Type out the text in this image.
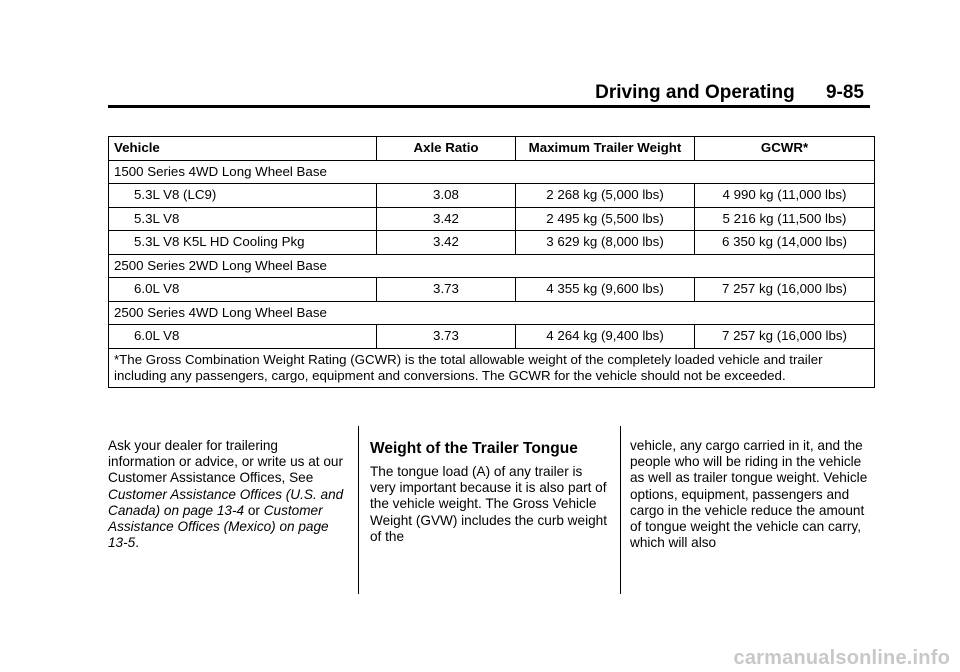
Driving and Operating 9-85
Vehicle	Axle Ratio	Maximum Trailer Weight	GCWR*
1500 Series 4WD Long Wheel Base			
5.3L V8 (LC9)	3.08	2 268 kg (5,000 lbs)	4 990 kg (11,000 lbs)
5.3L V8	3.42	2 495 kg (5,500 lbs)	5 216 kg (11,500 lbs)
5.3L V8 K5L HD Cooling Pkg	3.42	3 629 kg (8,000 lbs)	6 350 kg (14,000 lbs)
2500 Series 2WD Long Wheel Base			
6.0L V8	3.73	4 355 kg (9,600 lbs)	7 257 kg (16,000 lbs)
2500 Series 4WD Long Wheel Base			
6.0L V8	3.73	4 264 kg (9,400 lbs)	7 257 kg (16,000 lbs)
*The Gross Combination Weight Rating (GCWR) is the total allowable weight of the completely loaded vehicle and trailer including any passengers, cargo, equipment and conversions. The GCWR for the vehicle should not be exceeded.			

Ask your dealer for trailering information or advice, or write us at our Customer Assistance Offices, See Customer Assistance Offices (U.S. and Canada) on page 13-4 or Customer Assistance Offices (Mexico) on page 13-5.

Weight of the Trailer Tongue

The tongue load (A) of any trailer is very important because it is also part of the vehicle weight. The Gross Vehicle Weight (GVW) includes the curb weight of the

vehicle, any cargo carried in it, and the people who will be riding in the vehicle as well as trailer tongue weight. Vehicle options, equipment, passengers and cargo in the vehicle reduce the amount of tongue weight the vehicle can carry, which will also

carmanualsonline.info
